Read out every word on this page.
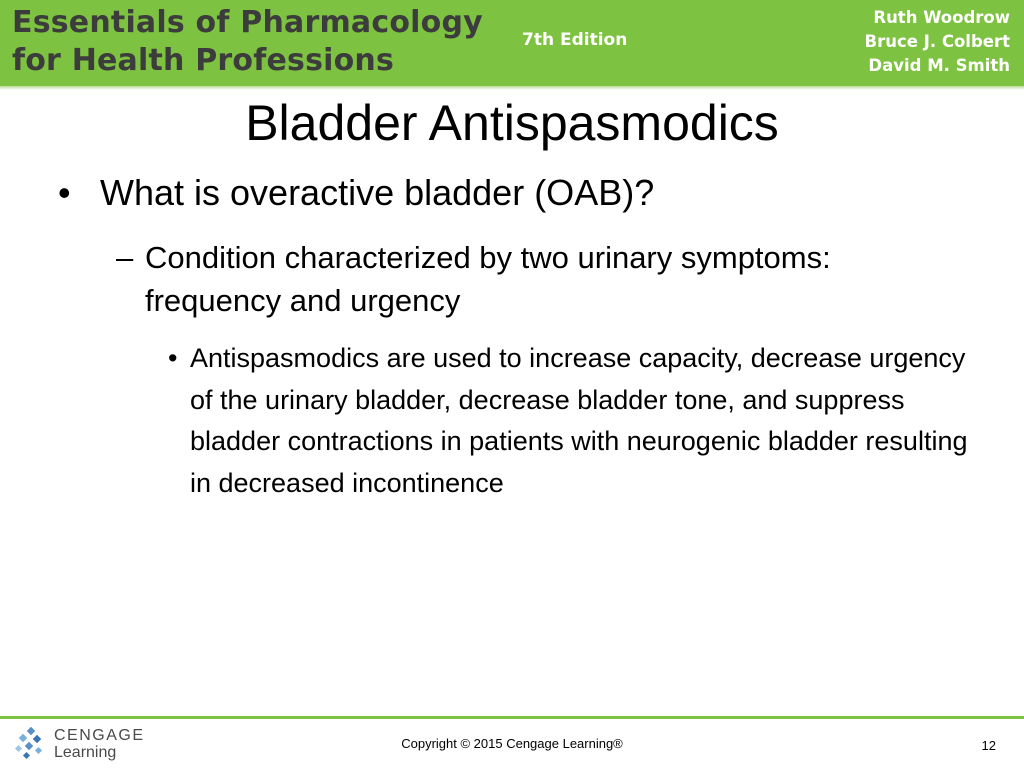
Essentials of Pharmacology
for Health Professions
7th Edition
Ruth Woodrow
Bruce J. Colbert
David M. Smith
Bladder Antispasmodics
• What is overactive bladder (OAB)?
– Condition characterized by two urinary symptoms: frequency and urgency
• Antispasmodics are used to increase capacity, decrease urgency of the urinary bladder, decrease bladder tone, and suppress bladder contractions in patients with neurogenic bladder resulting in decreased incontinence
CENGAGE
Learning
Copyright © 2015 Cengage Learning®	12
